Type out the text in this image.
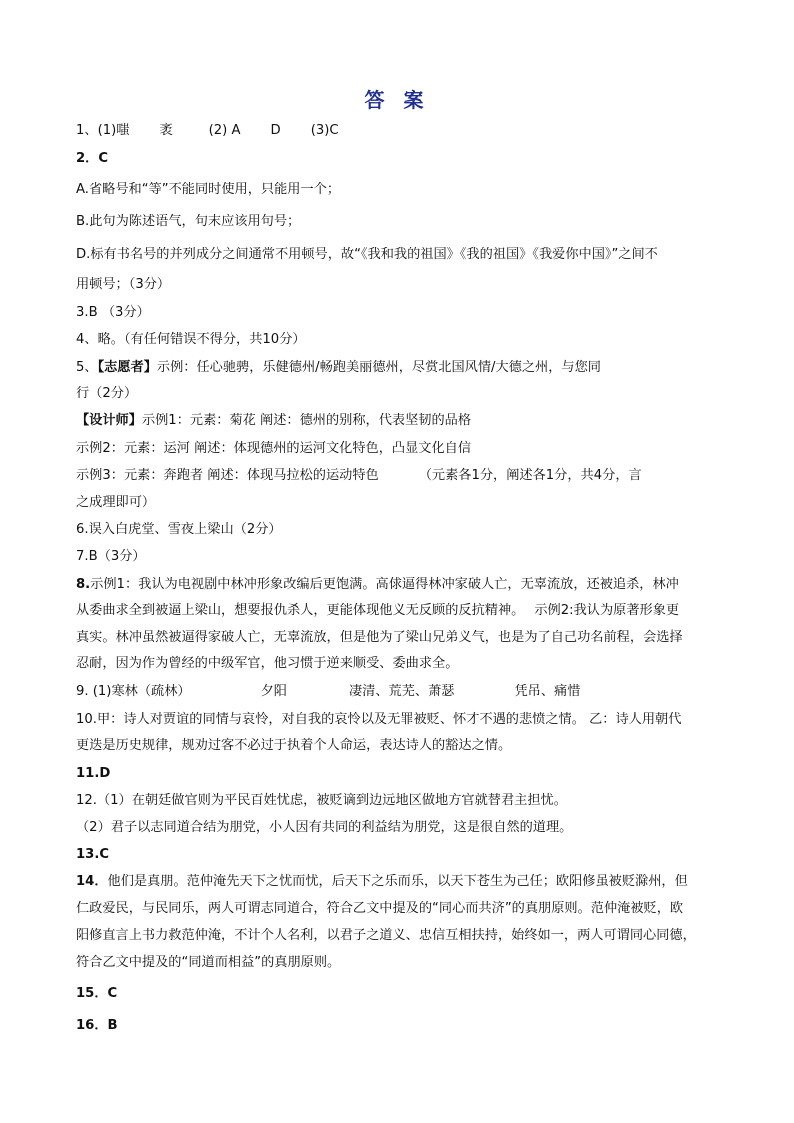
答 案
1、(1)嗤 袤	(2) A D (3)C
2．C
A.省略号和“等”不能同时使用，只能用一个；
B.此句为陈述语气，句末应该用句号；
D.标有书名号的并列成分之间通常不用顿号，故“《我和我的祖国》《我的祖国》《我爱你中国》”之间不
用顿号；（3分）
3.B （3分）
4、略。（有任何错误不得分，共10分）
5、【志愿者】示例：任心驰骋，乐健德州/畅跑美丽德州，尽赏北国风情/大德之州，与您同
行（2分）
【设计师】示例1：元素：菊花 阐述：德州的别称，代表坚韧的品格
示例2：元素：运河 阐述：体现德州的运河文化特色，凸显文化自信
示例3：元素：奔跑者 阐述：体现马拉松的运动特色	（元素各1分，阐述各1分，共4分，言
之成理即可）
6.误入白虎堂、雪夜上梁山（2分）
7.B（3分）
8.示例1：我认为电视剧中林冲形象改编后更饱满。高俅逼得林冲家破人亡，无辜流放，还被追杀，林冲
从委曲求全到被逼上梁山，想要报仇杀人，更能体现他义无反顾的反抗精神。 示例2:我认为原著形象更
真实。林冲虽然被逼得家破人亡，无辜流放，但是他为了梁山兄弟义气，也是为了自己功名前程，会选择
忍耐，因为作为曾经的中级军官，他习惯于逆来顺受、委曲求全。
9. (1)寒林（疏林）	夕阳	凄清、荒芜、萧瑟	凭吊、痛惜
10.甲：诗人对贾谊的同情与哀怜，对自我的哀怜以及无罪被贬、怀才不遇的悲愤之情。 乙：诗人用朝代
更迭是历史规律，规劝过客不必过于执着个人命运，表达诗人的豁达之情。
11.D
12.（1）在朝廷做官则为平民百姓忧虑，被贬谪到边远地区做地方官就替君主担忧。
（2）君子以志同道合结为朋党，小人因有共同的利益结为朋党，这是很自然的道理。
13.C
14．他们是真朋。范仲淹先天下之忧而忧，后天下之乐而乐，以天下苍生为己任；欧阳修虽被贬滁州，但
仁政爱民，与民同乐，两人可谓志同道合，符合乙文中提及的“同心而共济”的真朋原则。范仲淹被贬，欧
阳修直言上书力救范仲淹，不计个人名利，以君子之道义、忠信互相扶持，始终如一，两人可谓同心同德，
符合乙文中提及的“同道而相益”的真朋原则。
15．C
16．B
